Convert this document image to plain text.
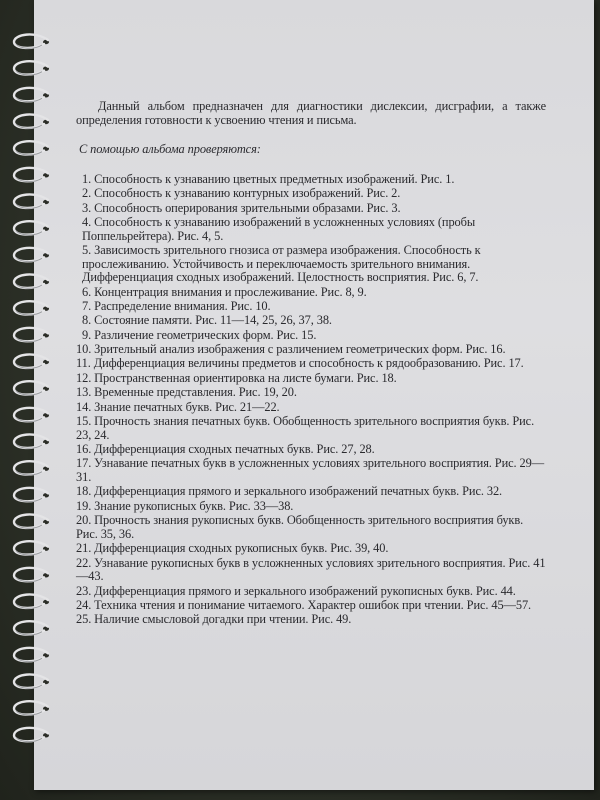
Данный альбом предназначен для диагностики дислексии, дисграфии, а также определения готовности к усвоению чтения и письма.

С помощью альбома проверяются:

1. Способность к узнаванию цветных предметных изображений. Рис. 1.
2. Способность к узнаванию контурных изображений. Рис. 2.
3. Способность оперирования зрительными образами. Рис. 3.
4. Способность к узнаванию изображений в усложненных условиях (пробы Поппельрейтера). Рис. 4, 5.
5. Зависимость зрительного гнозиса от размера изображения. Способность к прослеживанию. Устойчивость и переключаемость зрительного внимания. Дифференциация сходных изображений. Целостность восприятия. Рис. 6, 7.
6. Концентрация внимания и прослеживание. Рис. 8, 9.
7. Распределение внимания. Рис. 10.
8. Состояние памяти. Рис. 11—14, 25, 26, 37, 38.
9. Различение геометрических форм. Рис. 15.
10. Зрительный анализ изображения с различением геометрических форм. Рис. 16.
11. Дифференциация величины предметов и способность к рядообразованию. Рис. 17.
12. Пространственная ориентировка на листе бумаги. Рис. 18.
13. Временные представления. Рис. 19, 20.
14. Знание печатных букв. Рис. 21—22.
15. Прочность знания печатных букв. Обобщенность зрительного восприятия букв. Рис. 23, 24.
16. Дифференциация сходных печатных букв. Рис. 27, 28.
17. Узнавание печатных букв в усложненных условиях зрительного восприятия. Рис. 29—31.
18. Дифференциация прямого и зеркального изображений печатных букв. Рис. 32.
19. Знание рукописных букв. Рис. 33—38.
20. Прочность знания рукописных букв. Обобщенность зрительного восприятия букв. Рис. 35, 36.
21. Дифференциация сходных рукописных букв. Рис. 39, 40.
22. Узнавание рукописных букв в усложненных условиях зрительного восприятия. Рис. 41—43.
23. Дифференциация прямого и зеркального изображений рукописных букв. Рис. 44.
24. Техника чтения и понимание читаемого. Характер ошибок при чтении. Рис. 45—57.
25. Наличие смысловой догадки при чтении. Рис. 49.
